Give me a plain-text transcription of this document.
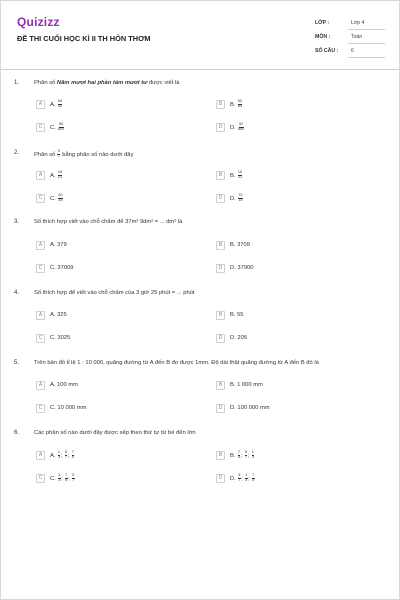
Quizizz
ĐỀ THI CUỐI HỌC KÌ II TH HÒN THƠM
LỚP :	Lớp 4
MÔN :	Toán
SỐ CÂU : 6
1.	Phân số Năm mươi hai phần tám mươi tư được viết là
A	A. $\frac{84}{52}$	B	B. $\frac{52}{84}$
C	C. $\frac{50}{820}$	D	D. $\frac{52}{800}$
2.	Phân số $\frac{5}{7}$ bằng phân số nào dưới đây
A	A. $\frac{18}{21}$	B	B. $\frac{15}{21}$
C	C. $\frac{20}{35}$	D	D. $\frac{70}{14}$
3.	Số thích hợp viết vào chỗ chấm để 37m² 9dm² = ... dm² là
A	A. 379	B	B. 3709
C	C. 37009	D	D. 37900
4.	Số thích hợp để viết vào chỗ chấm của 3 giờ 25 phút = ... phút
A	A. 325	B	B. 55
C	C. 3025	D	D. 205
5.	Trên bản đồ tỉ lệ 1 : 10 000, quãng đường từ A đến B đo được 1mm. Độ dài thật quãng đường từ A đến B đó là
A	A. 100 mm	B	B. 1 000 mm
C	C. 10 000 mm	D	D. 100 000 mm
6.	Các phân số nào dưới đây được xếp theo thứ tự từ bé đến lớn
A	A. $\frac{1}{3}$ ; $\frac{5}{7}$ ; $\frac{7}{5}$	B	B. $\frac{7}{5}$ ; $\frac{5}{7}$ ; $\frac{1}{3}$
C	C. $\frac{1}{3}$ ; $\frac{7}{5}$ ; $\frac{5}{7}$	D	D. $\frac{5}{7}$ ; $\frac{1}{3}$ ; $\frac{7}{5}$
